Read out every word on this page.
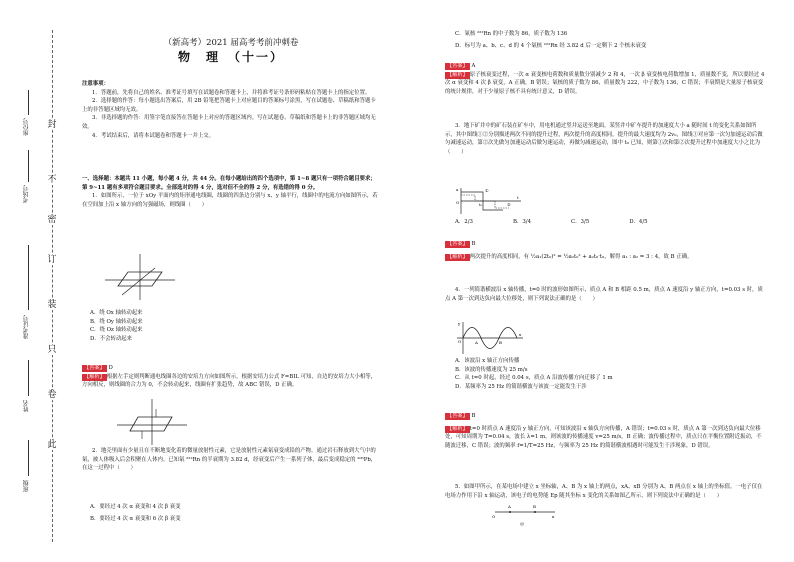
封
不
密
订
装
只
卷
此
座位号
考场号
准考证号
姓名
班级
（新高考）2021 届高考考前冲刺卷
物　理　（十一）

注意事项：

1．答题前，先将自己的姓名、准考证号填写在试题卷和答题卡上，并将准考证号条形码粘贴在答题卡上的指定位置。

2．选择题的作答：每小题选出答案后，用 2B 铅笔把答题卡上对应题目的答案标号涂黑，写在试题卷、草稿纸和答题卡上的非答题区域均无效。

3．非选择题的作答：用签字笔直接答在答题卡上对应的答题区域内。写在试题卷、草稿纸和答题卡上的非答题区域均无效。

4．考试结束后，请将本试题卷和答题卡一并上交。

一、选择题：本题共 11 小题，每小题 4 分，共 44 分。在每小题给出的四个选项中，第 1~8 题只有一项符合题目要求；第 9~11 题有多项符合题目要求。全部选对的得 4 分，选对但不全的得 2 分，有选错的得 0 分。

1．如图所示，一位于 xOy 平面内的矩形通电线圈，线圈的四条边分别与 x、y 轴平行，线圈中的电流方向如图所示，若在空间加上沿 x 轴方向的匀强磁场，则线圈（　　）

A．绕 Ox 轴转动起来

B．绕 Oy 轴转动起来

C．绕 Oz 轴转动起来

D．不会转动起来

【答案】 D

【解析】 根据左手定则判断通电线圈各边的安培力方向如图所示，根据安培力公式 F=BIL 可知，自边的安培力大小相等，方向相反，则线圈的合力为 0，不会转动起来，线圈有扩张趋势，故 ABC 错误，D 正确。

2．地壳里面有少量且在不断地变化着的微量放射性元素，它是放射性元素氡衰变成铅的产物。通过岩石释放到大气中的氡，被人体吸入后会积聚在人体内。已知氡 ²²²Rn 的半衰期为 3.82 d，经衰变后产生一系列子体，最后变成稳定的 ²⁰⁶Pb，在这一过程中（　　）

A．要经过 4 次 α 衰变和 4 次 β 衰变

B．要经过 4 次 α 衰变和 6 次 β 衰变

C．氡核 ²²²Rn 的中子数为 86，质子数为 136

D．标号为 a、b、c、d 的 4 个氡核 ²²²Rn 经 3.82 d 后一定剩下 2 个核未衰变

【答案】 A

【解析】 原子核衰变过程，一次 α 衰变核电荷数和质量数分别减少 2 和 4，一次 β 衰变核电荷数增加 1，质量数不变，所以要经过 4 次 α 衰变和 4 次 β 衰变，A 正确，B 错误；氡核的质子数为 86，质量数为 222，中子数为 136，C 错误；半衰期是大量原子核衰变的统计规律，对于少量原子核不具有统计意义，D 错误。

3．地下矿井中的矿石装在矿车中，用电机通过竖井运送至地面。某竖井中矿车提升的加速度大小 a 随时间 t 的变化关系如图所示，其中图线①②分别描述两次不同的提升过程，两次提升的高度相同，提升的最大速度均为 2v₀，图线①对应第一次匀加速运动后做匀减速运动，第②次先做匀加速运动后做匀速运动，再做匀减速运动，图中 t₀ 已知，则第①次和第②次提升过程中加速度大小之比为（　　）

a
t
O	t₀
①
②
A．2/3	B．3/4	C．3/5	D．4/5

【答案】 B

【解析】 两次提升的高度相同，有 ½a₁(2t₀)² = ½a₂t₀² + a₂t₀·t₀，解得 a₁ : a₂ = 3 : 4，故 B 正确。

4．一列简谐横波沿 x 轴传播，t=0 时的波形如图所示，质点 A 和 B 相距 0.5 m，质点 A 速度沿 y 轴正方向，t=0.03 s 时，质点 A 第一次到达负向最大位移处，则下列说法正确的是（　　）

y
x
O	A	B

A．该波沿 x 轴正方向传播

B．该波的传播速度为 25 m/s

C．从 t=0 时起，经过 0.04 s，质点 A 沿波传播方向迁移了 1 m

D．某频率为 25 Hz 的简谐横波与该波一定能发生干涉

【答案】 B

【解析】 t=0 时质点 A 速度沿 y 轴正方向，可知该波沿 x 轴负方向传播，A 错误；t=0.03 s 时，质点 A 第一次到达负向最大位移处，可知周期为 T=0.04 s，波长 λ=1 m，则该波的传播速度 v=25 m/s，B 正确；波传播过程中，质点只在平衡位置附近振动，不随波迁移，C 错误；波的频率 f=1/T=25 Hz，与频率为 25 Hz 的简谐横波相遇时可能发生干涉现象，D 错误。

5．如图甲所示，在某电场中建立 x 坐标轴，A、B 为 x 轴上的两点，xA、xB 分别为 A、B 两点在 x 轴上的坐标值。一电子仅在电场力作用下沿 x 轴运动，该电子的电势能 Ep 随其坐标 x 变化的关系如图乙所示，则下列说法中正确的是（　　）

O
A	B
x
甲
